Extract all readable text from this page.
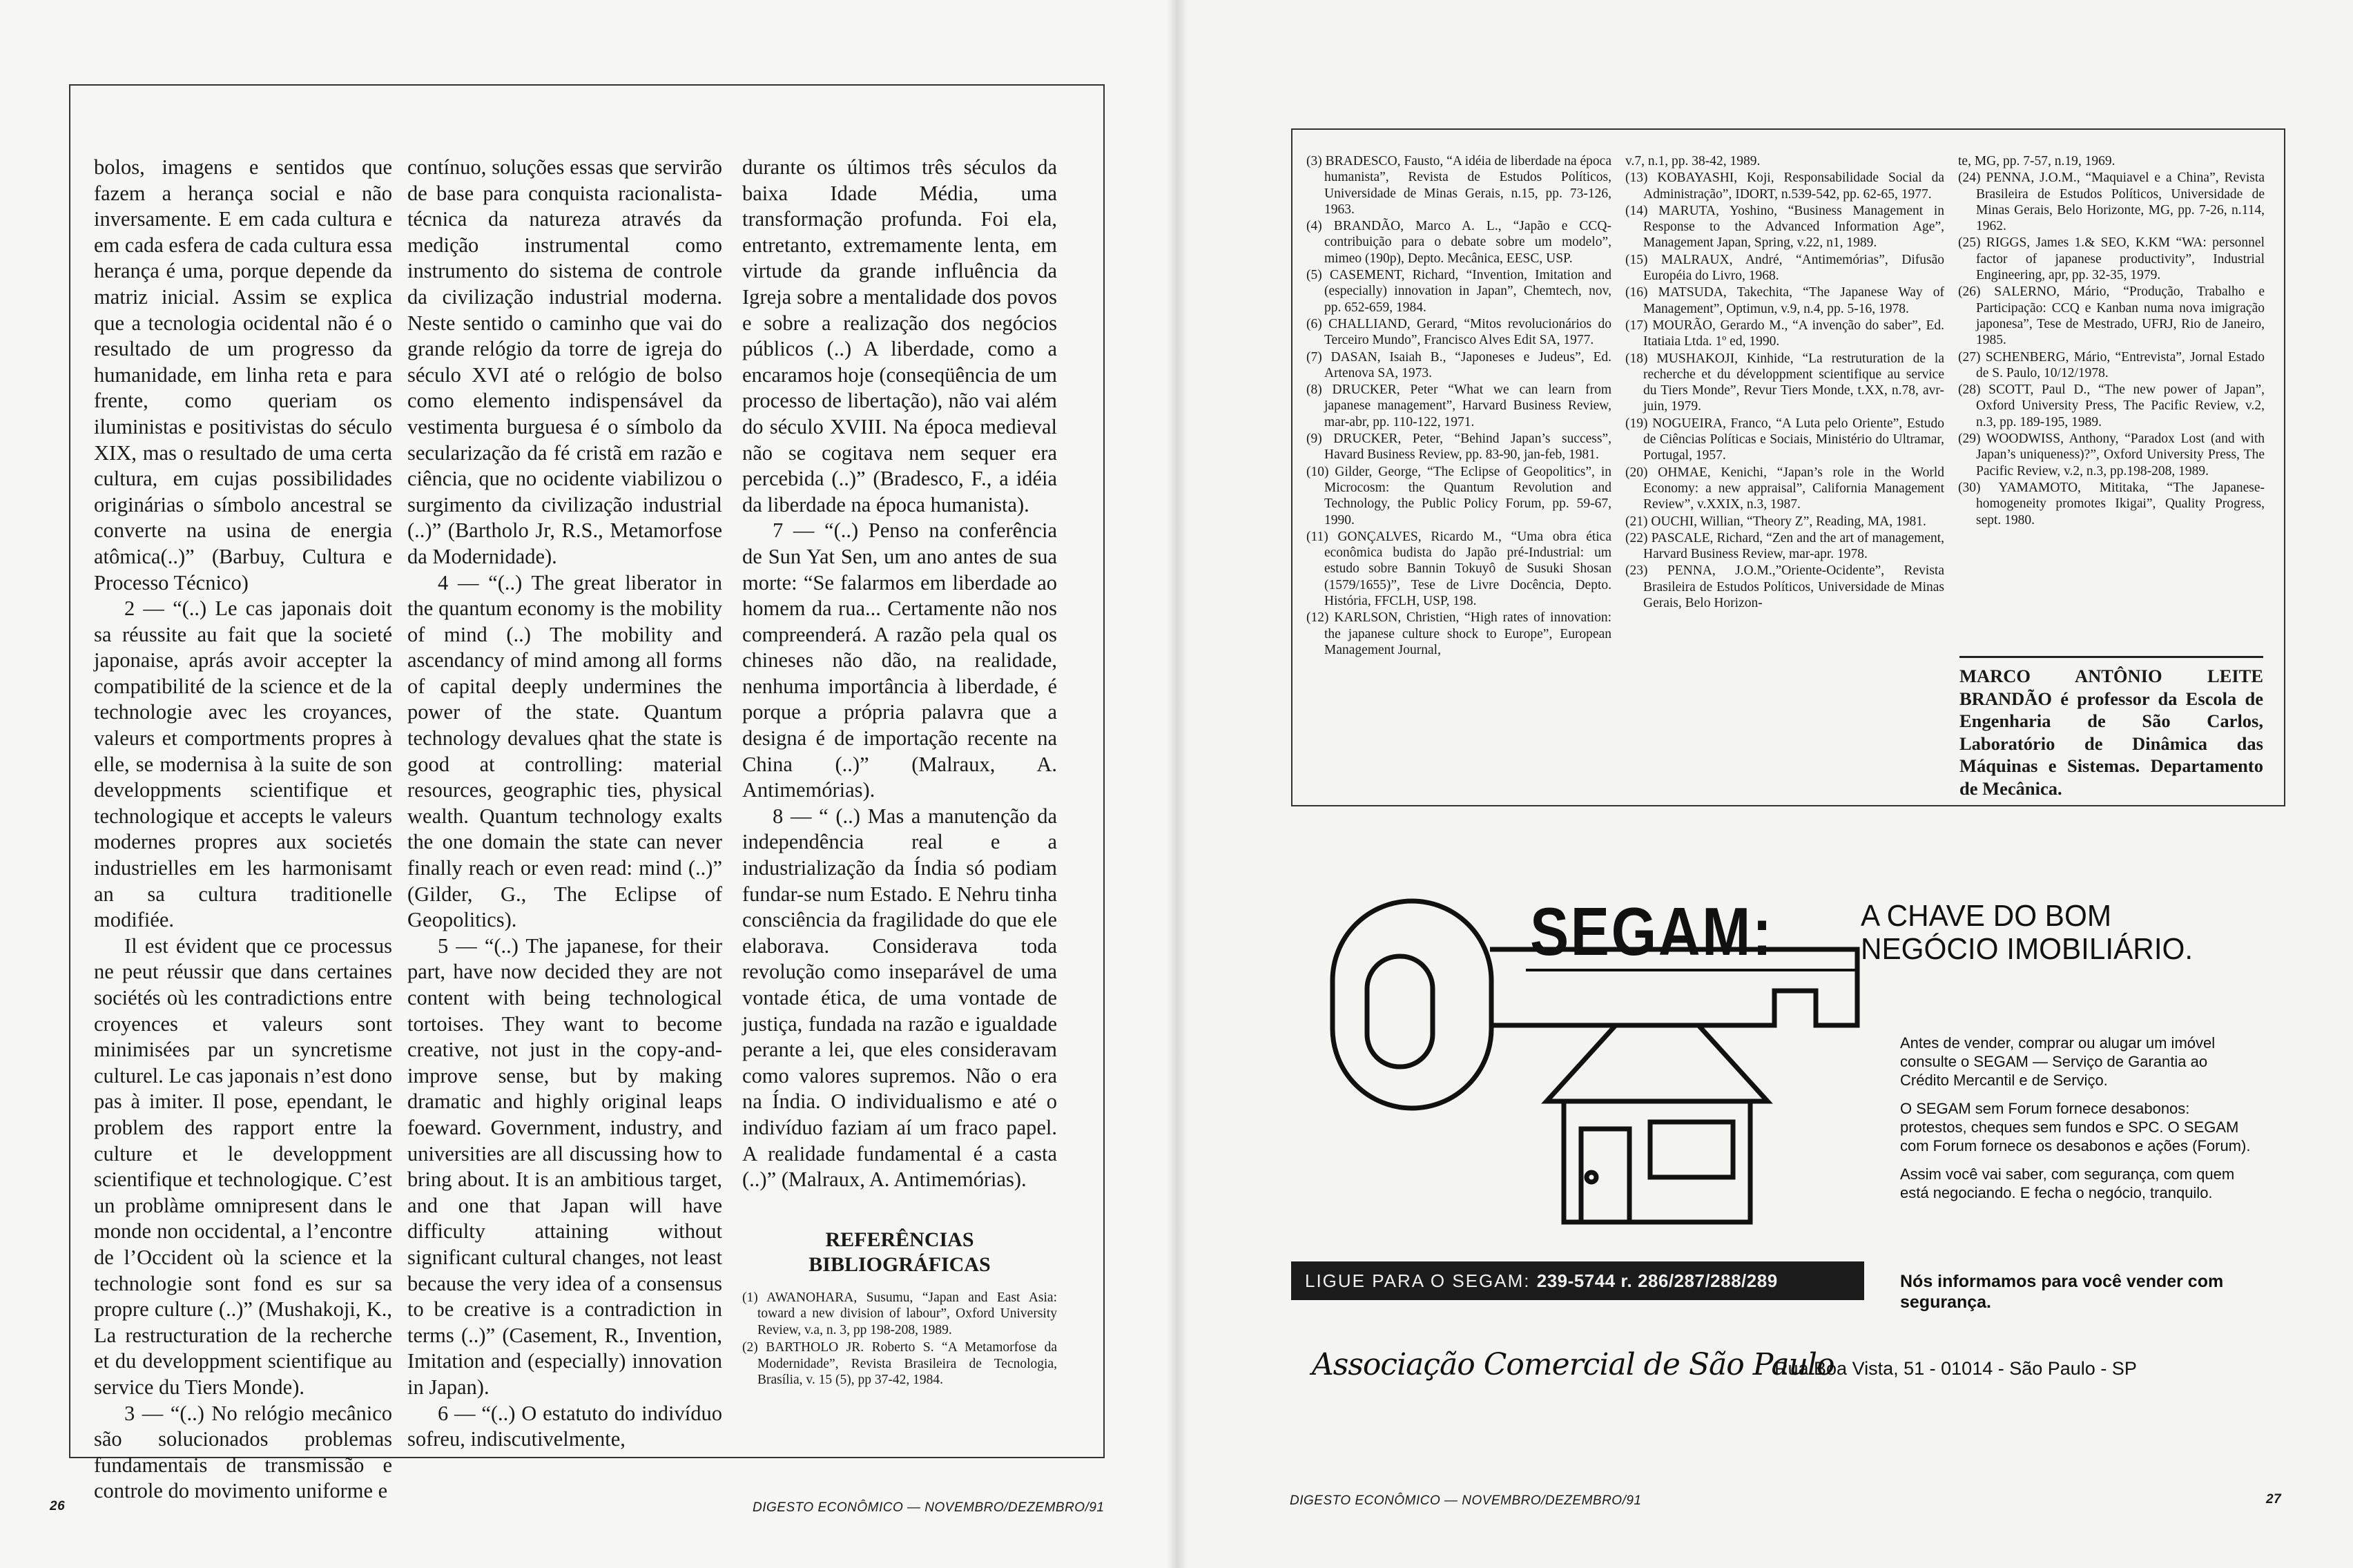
bolos, imagens e sentidos que fazem a herança social e não inversamente. E em cada cultura e em cada esfera de cada cultura essa herança é uma, porque depende da matriz inicial. Assim se explica que a tecnologia ocidental não é o resultado de um progresso da humanidade, em linha reta e para frente, como queriam os iluministas e positivistas do século XIX, mas o resultado de uma certa cultura, em cujas possibilidades originárias o símbolo ancestral se converte na usina de energia atômica(..)” (Barbuy, Cultura e Processo Técnico)

2 — “(..) Le cas japonais doit sa réussite au fait que la societé japonaise, aprás avoir accepter la compatibilité de la science et de la technologie avec les croyances, valeurs et comportments propres à elle, se modernisa à la suite de son developpments scientifique et technologique et accepts le valeurs modernes propres aux societés industrielles em les harmonisamt an sa cultura traditionelle modifiée.

Il est évident que ce processus ne peut réussir que dans certaines sociétés où les contradictions entre croyences et valeurs sont minimisées par un syncretisme culturel. Le cas japonais n’est dono pas à imiter. Il pose, ependant, le problem des rapport entre la culture et le developpment scientifique et technologique. C’est un problàme omnipresent dans le monde non occidental, a l’encontre de l’Occident où la science et la technologie sont fond es sur sa propre culture (..)” (Mushakoji, K., La restructuration de la recherche et du developpment scientifique au service du Tiers Monde).

3 — “(..) No relógio mecânico são solucionados problemas fundamentais de transmissão e controle do movimento uniforme e

contínuo, soluções essas que servirão de base para conquista racionalista-técnica da natureza através da medição instrumental como instrumento do sistema de controle da civilização industrial moderna. Neste sentido o caminho que vai do grande relógio da torre de igreja do século XVI até o relógio de bolso como elemento indispensável da vestimenta burguesa é o símbolo da secularização da fé cristã em razão e ciência, que no ocidente viabilizou o surgimento da civilização industrial (..)” (Bartholo Jr, R.S., Metamorfose da Modernidade).

4 — “(..) The great liberator in the quantum economy is the mobility of mind (..) The mobility and ascendancy of mind among all forms of capital deeply undermines the power of the state. Quantum technology devalues qhat the state is good at controlling: material resources, geographic ties, physical wealth. Quantum technology exalts the one domain the state can never finally reach or even read: mind (..)” (Gilder, G., The Eclipse of Geopolitics).

5 — “(..) The japanese, for their part, have now decided they are not content with being technological tortoises. They want to become creative, not just in the copy-and-improve sense, but by making dramatic and highly original leaps foeward. Government, industry, and universities are all discussing how to bring about. It is an ambitious target, and one that Japan will have difficulty attaining without significant cultural changes, not least because the very idea of a consensus to be creative is a contradiction in terms (..)” (Casement, R., Invention, Imitation and (especially) innovation in Japan).

6 — “(..) O estatuto do indivíduo sofreu, indiscutivelmente,

durante os últimos três séculos da baixa Idade Média, uma transformação profunda. Foi ela, entretanto, extremamente lenta, em virtude da grande influência da Igreja sobre a mentalidade dos povos e sobre a realização dos negócios públicos (..) A liberdade, como a encaramos hoje (conseqüência de um processo de libertação), não vai além do século XVIII. Na época medieval não se cogitava nem sequer era percebida (..)” (Bradesco, F., a idéia da liberdade na época humanista).

7 — “(..) Penso na conferência de Sun Yat Sen, um ano antes de sua morte: “Se falarmos em liberdade ao homem da rua... Certamente não nos compreenderá. A razão pela qual os chineses não dão, na realidade, nenhuma importância à liberdade, é porque a própria palavra que a designa é de importação recente na China (..)” (Malraux, A. Antimemórias).

8 — “ (..) Mas a manutenção da independência real e a industrialização da Índia só podiam fundar-se num Estado. E Nehru tinha consciência da fragilidade do que ele elaborava. Considerava toda revolução como inseparável de uma vontade ética, de uma vontade de justiça, fundada na razão e igualdade perante a lei, que eles consideravam como valores supremos. Não o era na Índia. O individualismo e até o indivíduo faziam aí um fraco papel. A realidade fundamental é a casta (..)” (Malraux, A. Antimemórias).

REFERÊNCIAS
BIBLIOGRÁFICAS

(1) AWANOHARA, Susumu, “Japan and East Asia: toward a new division of labour”, Oxford University Review, v.a, n. 3, pp 198-208, 1989.

(2) BARTHOLO JR. Roberto S. “A Metamorfose da Modernidade”, Revista Brasileira de Tecnologia, Brasília, v. 15 (5), pp 37-42, 1984.

26	DIGESTO ECONÔMICO — NOVEMBRO/DEZEMBRO/91

(3) BRADESCO, Fausto, “A idéia de liberdade na época humanista”, Revista de Estudos Políticos, Universidade de Minas Gerais, n.15, pp. 73-126, 1963.

(4) BRANDÃO, Marco A. L., “Japão e CCQ-contribuição para o debate sobre um modelo”, mimeo (190p), Depto. Mecânica, EESC, USP.

(5) CASEMENT, Richard, “Invention, Imitation and (especially) innovation in Japan”, Chemtech, nov, pp. 652-659, 1984.

(6) CHALLIAND, Gerard, “Mitos revolucionários do Terceiro Mundo”, Francisco Alves Edit SA, 1977.

(7) DASAN, Isaiah B., “Japoneses e Judeus”, Ed. Artenova SA, 1973.

(8) DRUCKER, Peter “What we can learn from japanese management”, Harvard Business Review, mar-abr, pp. 110-122, 1971.

(9) DRUCKER, Peter, “Behind Japan’s success”, Havard Business Review, pp. 83-90, jan-feb, 1981.

(10) Gilder, George, “The Eclipse of Geopolitics”, in Microcosm: the Quantum Revolution and Technology, the Public Policy Forum, pp. 59-67, 1990.

(11) GONÇALVES, Ricardo M., “Uma obra ética econômica budista do Japão pré-Industrial: um estudo sobre Bannin Tokuyô de Susuki Shosan (1579/1655)”, Tese de Livre Docência, Depto. História, FFCLH, USP, 198.

(12) KARLSON, Christien, “High rates of innovation: the japanese culture shock to Europe”, European Management Journal,

v.7, n.1, pp. 38-42, 1989.

(13) KOBAYASHI, Koji, Responsabilidade Social da Administração”, IDORT, n.539-542, pp. 62-65, 1977.

(14) MARUTA, Yoshino, “Business Management in Response to the Advanced Information Age”, Management Japan, Spring, v.22, n1, 1989.

(15) MALRAUX, André, “Antimemórias”, Difusão Européia do Livro, 1968.

(16) MATSUDA, Takechita, “The Japanese Way of Management”, Optimun, v.9, n.4, pp. 5-16, 1978.

(17) MOURÃO, Gerardo M., “A invenção do saber”, Ed. Itatiaia Ltda. 1º ed, 1990.

(18) MUSHAKOJI, Kinhide, “La restruturation de la recherche et du développment scientifique au service du Tiers Monde”, Revur Tiers Monde, t.XX, n.78, avr-juin, 1979.

(19) NOGUEIRA, Franco, “A Luta pelo Oriente”, Estudo de Ciências Políticas e Sociais, Ministério do Ultramar, Portugal, 1957.

(20) OHMAE, Kenichi, “Japan’s role in the World Economy: a new appraisal”, California Management Review”, v.XXIX, n.3, 1987.

(21) OUCHI, Willian, “Theory Z”, Reading, MA, 1981.

(22) PASCALE, Richard, “Zen and the art of management, Harvard Business Review, mar-apr. 1978.

(23) PENNA, J.O.M.,”Oriente-Ocidente”, Revista Brasileira de Estudos Políticos, Universidade de Minas Gerais, Belo Horizon-

te, MG, pp. 7-57, n.19, 1969.

(24) PENNA, J.O.M., “Maquiavel e a China”, Revista Brasileira de Estudos Políticos, Universidade de Minas Gerais, Belo Horizonte, MG, pp. 7-26, n.114, 1962.

(25) RIGGS, James 1.& SEO, K.KM “WA: personnel factor of japanese productivity”, Industrial Engineering, apr, pp. 32-35, 1979.

(26) SALERNO, Mário, “Produção, Trabalho e Participação: CCQ e Kanban numa nova imigração japonesa”, Tese de Mestrado, UFRJ, Rio de Janeiro, 1985.

(27) SCHENBERG, Mário, “Entrevista”, Jornal Estado de S. Paulo, 10/12/1978.

(28) SCOTT, Paul D., “The new power of Japan”, Oxford University Press, The Pacific Review, v.2, n.3, pp. 189-195, 1989.

(29) WOODWISS, Anthony, “Paradox Lost (and with Japan’s uniqueness)?”, Oxford University Press, The Pacific Review, v.2, n.3, pp.198-208, 1989.

(30) YAMAMOTO, Mititaka, “The Japanese-homogeneity promotes Ikigai”, Quality Progress, sept. 1980.

MARCO ANTÔNIO LEITE BRANDÃO é professor da Escola de Engenharia de São Carlos, Laboratório de Dinâmica das Máquinas e Sistemas. Departamento de Mecânica.
SEGAM:	A CHAVE DO BOM
NEGÓCIO IMOBILIÁRIO.

Antes de vender, comprar ou alugar um imóvel consulte o SEGAM — Serviço de Garantia ao Crédito Mercantil e de Serviço.

O SEGAM sem Forum fornece desabonos: protestos, cheques sem fundos e SPC. O SEGAM com Forum fornece os desabonos e ações (Forum).

Assim você vai saber, com segurança, com quem está negociando. E fecha o negócio, tranquilo.

LIGUE PARA O SEGAM: 239-5744 r. 286/287/288/289	Nós informamos para você vender com segurança.
Associação Comercial de São Paulo
Rua Boa Vista, 51 - 01014 - São Paulo - SP
DIGESTO ECONÔMICO — NOVEMBRO/DEZEMBRO/91	27
